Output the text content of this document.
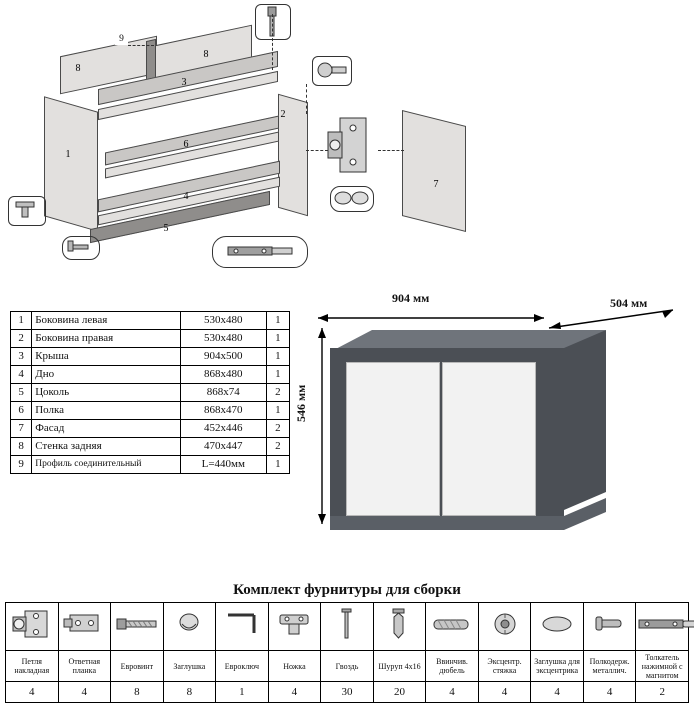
8
8
9
3
1
2
6
4
5
7
1	Боковина левая	530х480	1
2	Боковина правая	530х480	1
3	Крыша	904х500	1
4	Дно	868х480	1
5	Цоколь	868х74	2
6	Полка	868х470	1
7	Фасад	452х446	2
8	Стенка задняя	470х447	2
9	Профиль соединительный	L=440мм	1
904 мм	504 мм
546 мм
Комплект фурнитуры для сборки

Петля накладная	Ответная планка	Евровинт	Заглушка	Евроключ	Ножка	Гвоздь	Шуруп 4х16	Ввинчив. дюбель	Эксцентр. стяжка	Заглушка для эксцентрика	Полкодерж. металлич.	Толкатель нажимной с магнитом
4	4	8	8	1	4	30	20	4	4	4	4	2
